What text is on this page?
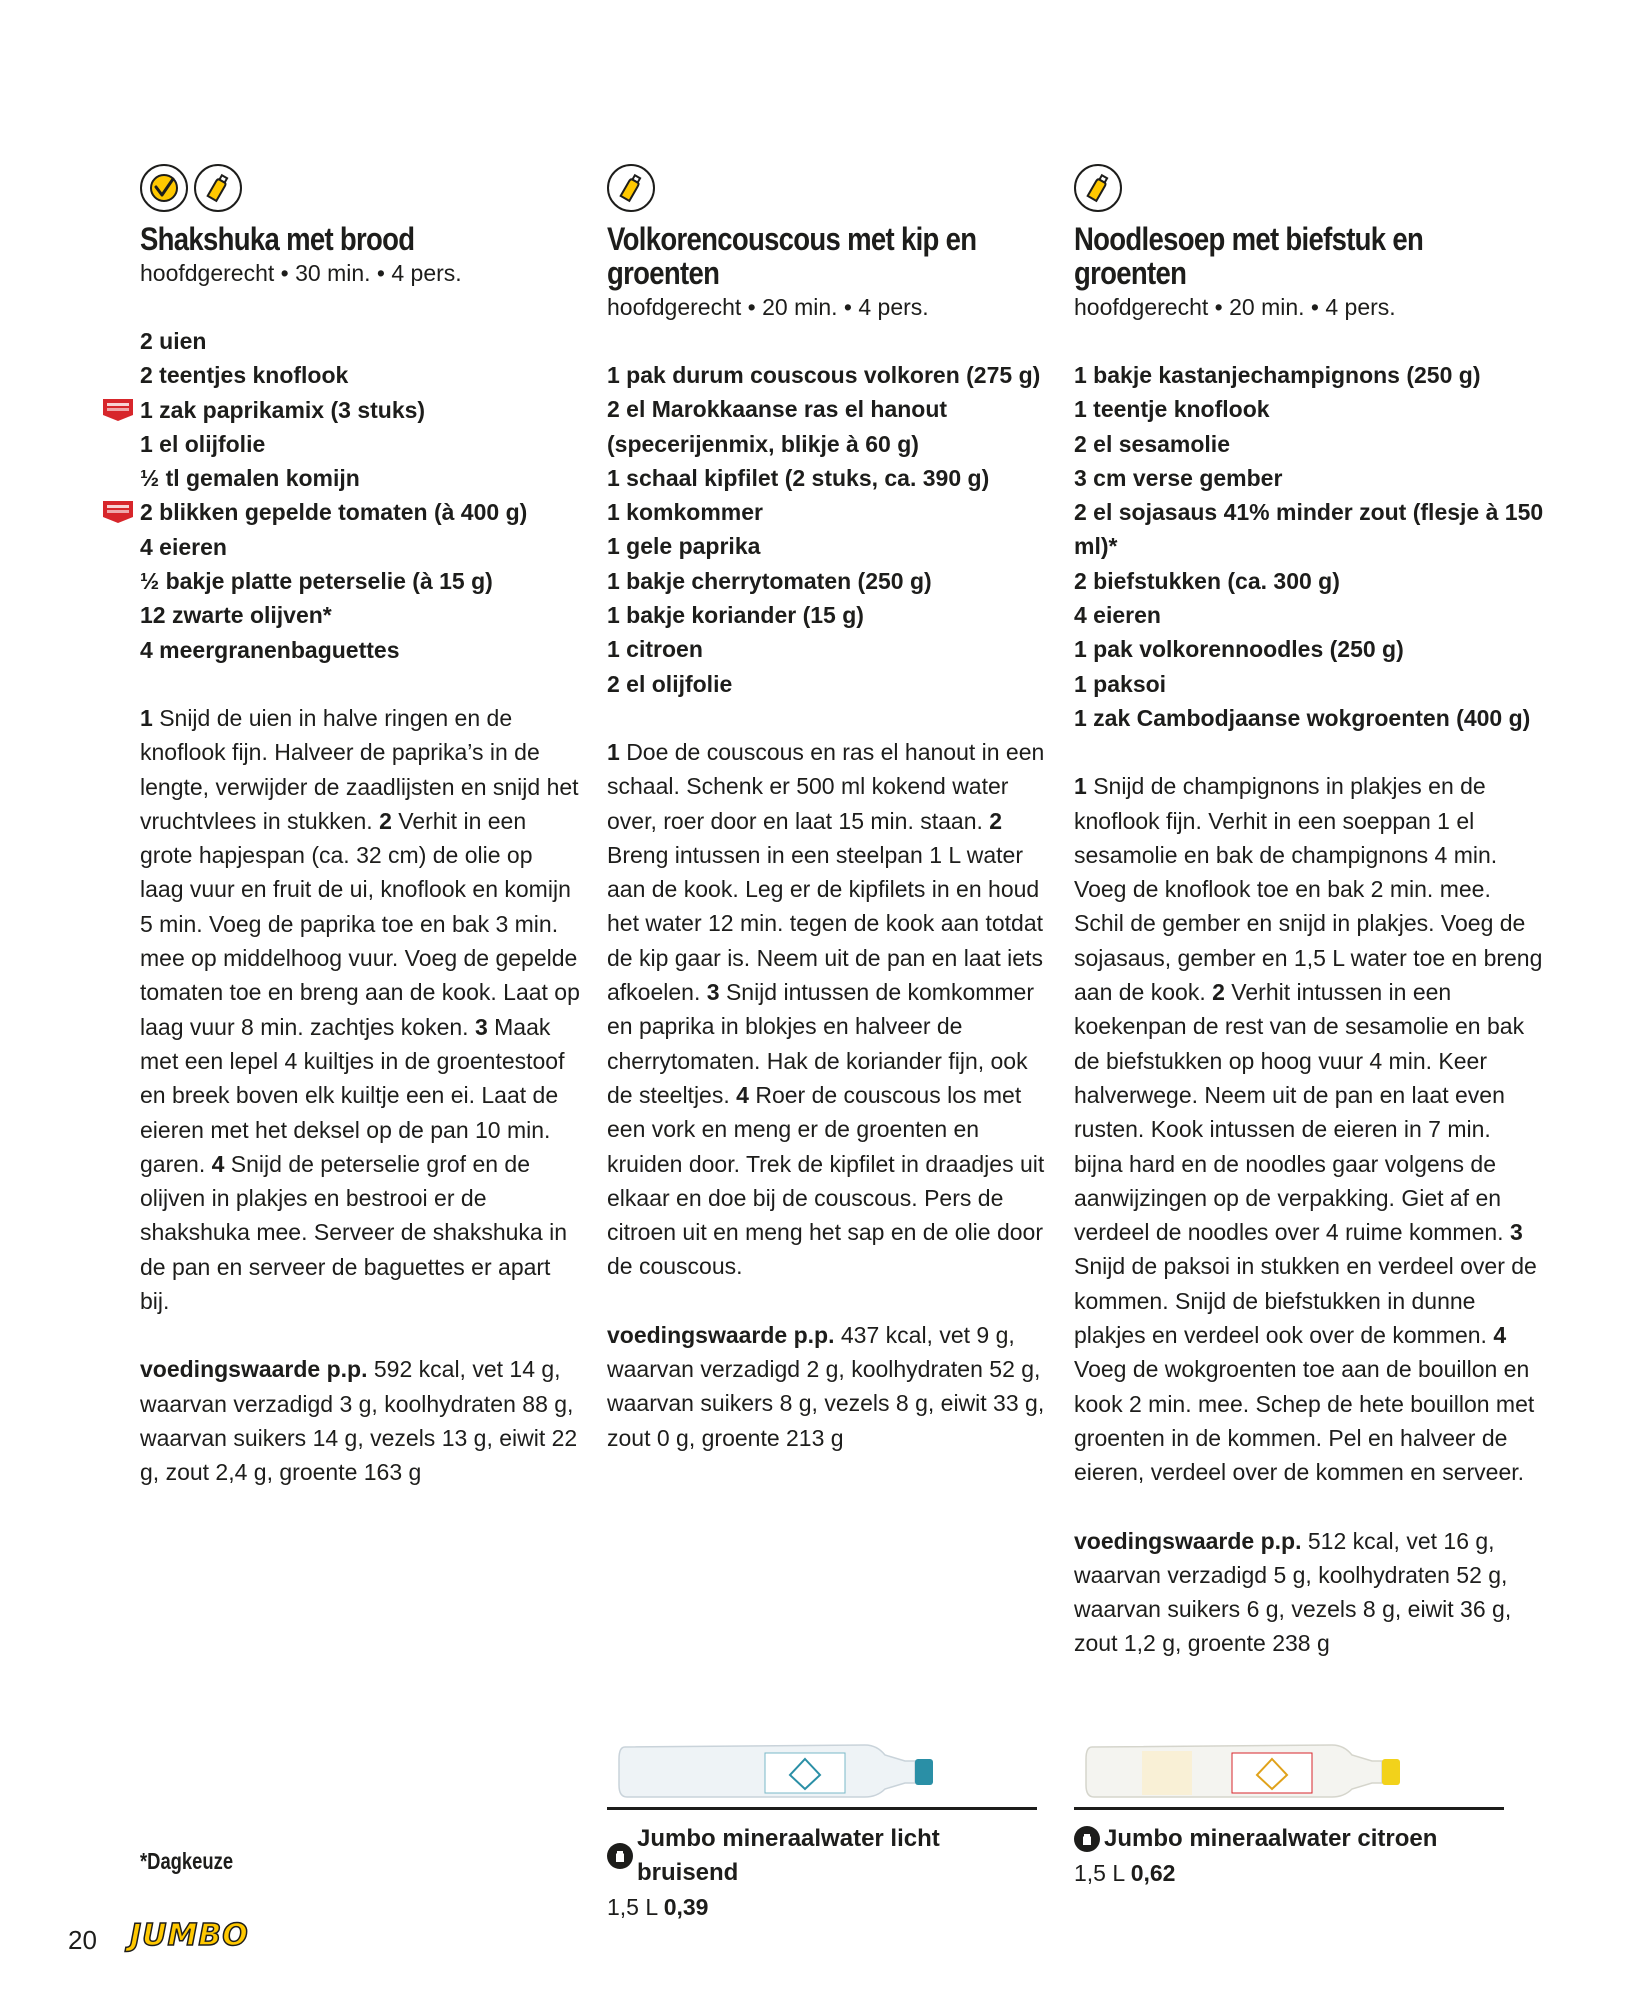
Shakshuka met brood
hoofdgerecht • 30 min. • 4 pers.
2 uien
2 teentjes knoflook
1 zak paprikamix (3 stuks)
1 el olijfolie
½ tl gemalen komijn
2 blikken gepelde tomaten (à 400 g)
4 eieren
½ bakje platte peterselie (à 15 g)
12 zwarte olijven*
4 meergranenbaguettes
1 Snijd de uien in halve ringen en de knoflook fijn. Halveer de paprika’s in de lengte, verwijder de zaadlijsten en snijd het vruchtvlees in stukken. 2 Verhit in een grote hapjespan (ca. 32 cm) de olie op laag vuur en fruit de ui, knoflook en komijn 5 min. Voeg de paprika toe en bak 3 min. mee op middelhoog vuur. Voeg de gepelde tomaten toe en breng aan de kook. Laat op laag vuur 8 min. zachtjes koken. 3 Maak met een lepel 4 kuiltjes in de groentestoof en breek boven elk kuiltje een ei. Laat de eieren met het deksel op de pan 10 min. garen. 4 Snijd de peterselie grof en de olijven in plakjes en bestrooi er de shakshuka mee. Serveer de shakshuka in de pan en serveer de baguettes er apart bij.
voedingswaarde p.p. 592 kcal, vet 14 g, waarvan verzadigd 3 g, koolhydraten 88 g, waarvan suikers 14 g, vezels 13 g, eiwit 22 g, zout 2,4 g, groente 163 g
Volkorencouscous met kip en groenten
hoofdgerecht • 20 min. • 4 pers.
1 pak durum couscous volkoren (275 g)
2 el Marokkaanse ras el hanout (specerijenmix, blikje à 60 g)
1 schaal kipfilet (2 stuks, ca. 390 g)
1 komkommer
1 gele paprika
1 bakje cherrytomaten (250 g)
1 bakje koriander (15 g)
1 citroen
2 el olijfolie
1 Doe de couscous en ras el hanout in een schaal. Schenk er 500 ml kokend water over, roer door en laat 15 min. staan. 2 Breng intussen in een steelpan 1 L water aan de kook. Leg er de kipfilets in en houd het water 12 min. tegen de kook aan totdat de kip gaar is. Neem uit de pan en laat iets afkoelen. 3 Snijd intussen de komkommer en paprika in blokjes en halveer de cherrytomaten. Hak de koriander fijn, ook de steeltjes. 4 Roer de couscous los met een vork en meng er de groenten en kruiden door. Trek de kipfilet in draadjes uit elkaar en doe bij de couscous. Pers de citroen uit en meng het sap en de olie door de couscous.
voedingswaarde p.p. 437 kcal, vet 9 g, waarvan verzadigd 2 g, koolhydraten 52 g, waarvan suikers 8 g, vezels 8 g, eiwit 33 g, zout 0 g, groente 213 g
Noodlesoep met biefstuk en groenten
hoofdgerecht • 20 min. • 4 pers.
1 bakje kastanjechampignons (250 g)
1 teentje knoflook
2 el sesamolie
3 cm verse gember
2 el sojasaus 41% minder zout (flesje à 150 ml)*
2 biefstukken (ca. 300 g)
4 eieren
1 pak volkorennoodles (250 g)
1 paksoi
1 zak Cambodjaanse wokgroenten (400 g)
1 Snijd de champignons in plakjes en de knoflook fijn. Verhit in een soeppan 1 el sesamolie en bak de champignons 4 min. Voeg de knoflook toe en bak 2 min. mee. Schil de gember en snijd in plakjes. Voeg de sojasaus, gember en 1,5 L water toe en breng aan de kook. 2 Verhit intussen in een koekenpan de rest van de sesamolie en bak de biefstukken op hoog vuur 4 min. Keer halverwege. Neem uit de pan en laat even rusten. Kook intussen de eieren in 7 min. bijna hard en de noodles gaar volgens de aanwijzingen op de verpakking. Giet af en verdeel de noodles over 4 ruime kommen. 3 Snijd de paksoi in stukken en verdeel over de kommen. Snijd de biefstukken in dunne plakjes en verdeel ook over de kommen. 4 Voeg de wokgroenten toe aan de bouillon en kook 2 min. mee. Schep de hete bouillon met groenten in de kommen. Pel en halveer de eieren, verdeel over de kommen en serveer.
voedingswaarde p.p. 512 kcal, vet 16 g, waarvan verzadigd 5 g, koolhydraten 52 g, waarvan suikers 6 g, vezels 8 g, eiwit 36 g, zout 1,2 g, groente 238 g
Jumbo mineraalwater licht bruisend
1,5 L 0,39
Jumbo mineraalwater citroen
1,5 L 0,62
*Dagkeuze
20 JUMBO
